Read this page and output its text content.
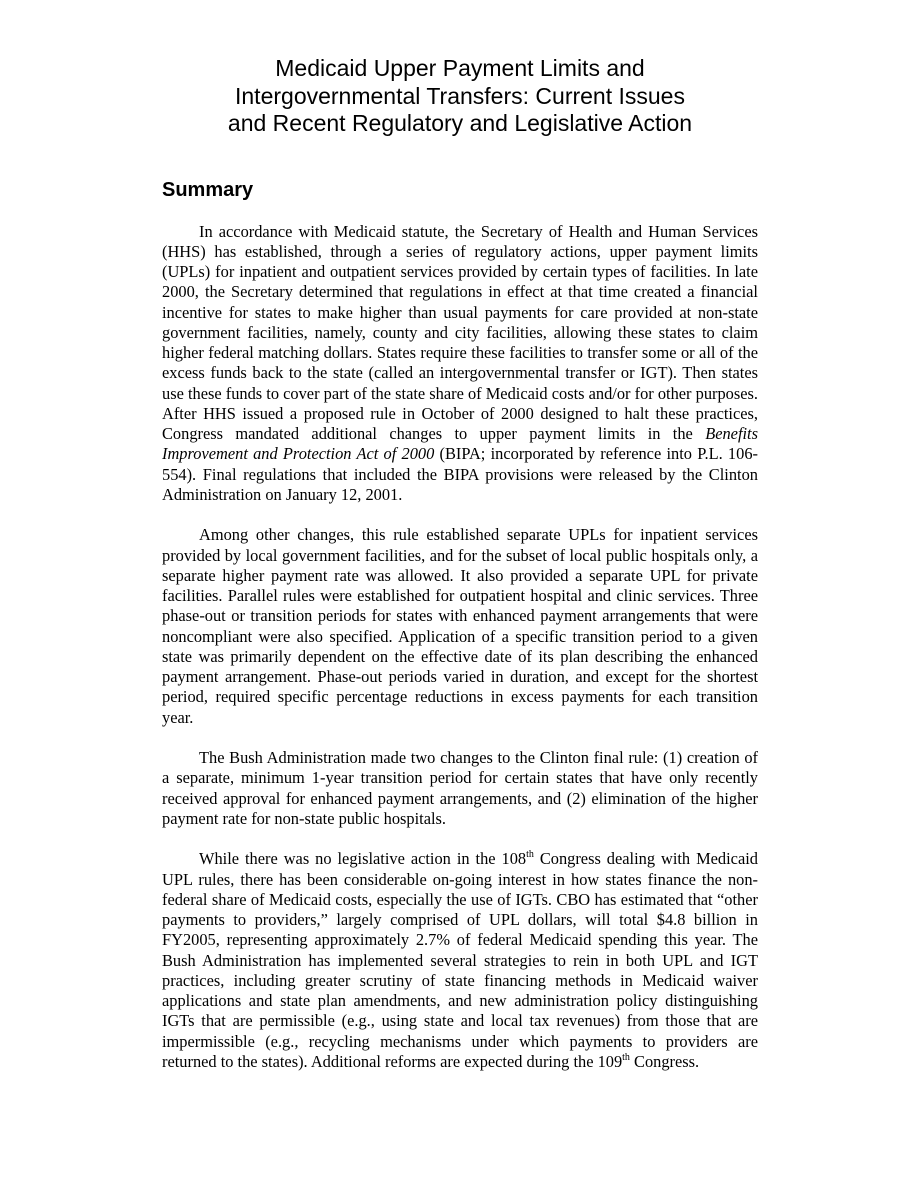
Medicaid Upper Payment Limits and
Intergovernmental Transfers: Current Issues
and Recent Regulatory and Legislative Action
Summary

In accordance with Medicaid statute, the Secretary of Health and Human Services (HHS) has established, through a series of regulatory actions, upper payment limits (UPLs) for inpatient and outpatient services provided by certain types of facilities. In late 2000, the Secretary determined that regulations in effect at that time created a financial incentive for states to make higher than usual payments for care provided at non-state government facilities, namely, county and city facilities, allowing these states to claim higher federal matching dollars. States require these facilities to transfer some or all of the excess funds back to the state (called an intergovernmental transfer or IGT). Then states use these funds to cover part of the state share of Medicaid costs and/or for other purposes. After HHS issued a proposed rule in October of 2000 designed to halt these practices, Congress mandated additional changes to upper payment limits in the Benefits Improvement and Protection Act of 2000 (BIPA; incorporated by reference into P.L. 106-554). Final regulations that included the BIPA provisions were released by the Clinton Administration on January 12, 2001.

Among other changes, this rule established separate UPLs for inpatient services provided by local government facilities, and for the subset of local public hospitals only, a separate higher payment rate was allowed. It also provided a separate UPL for private facilities. Parallel rules were established for outpatient hospital and clinic services. Three phase-out or transition periods for states with enhanced payment arrangements that were noncompliant were also specified. Application of a specific transition period to a given state was primarily dependent on the effective date of its plan describing the enhanced payment arrangement. Phase-out periods varied in duration, and except for the shortest period, required specific percentage reductions in excess payments for each transition year.

The Bush Administration made two changes to the Clinton final rule: (1) creation of a separate, minimum 1-year transition period for certain states that have only recently received approval for enhanced payment arrangements, and (2) elimination of the higher payment rate for non-state public hospitals.

While there was no legislative action in the 108th Congress dealing with Medicaid UPL rules, there has been considerable on-going interest in how states finance the non-federal share of Medicaid costs, especially the use of IGTs. CBO has estimated that “other payments to providers,” largely comprised of UPL dollars, will total $4.8 billion in FY2005, representing approximately 2.7% of federal Medicaid spending this year. The Bush Administration has implemented several strategies to rein in both UPL and IGT practices, including greater scrutiny of state financing methods in Medicaid waiver applications and state plan amendments, and new administration policy distinguishing IGTs that are permissible (e.g., using state and local tax revenues) from those that are impermissible (e.g., recycling mechanisms under which payments to providers are returned to the states). Additional reforms are expected during the 109th Congress.
